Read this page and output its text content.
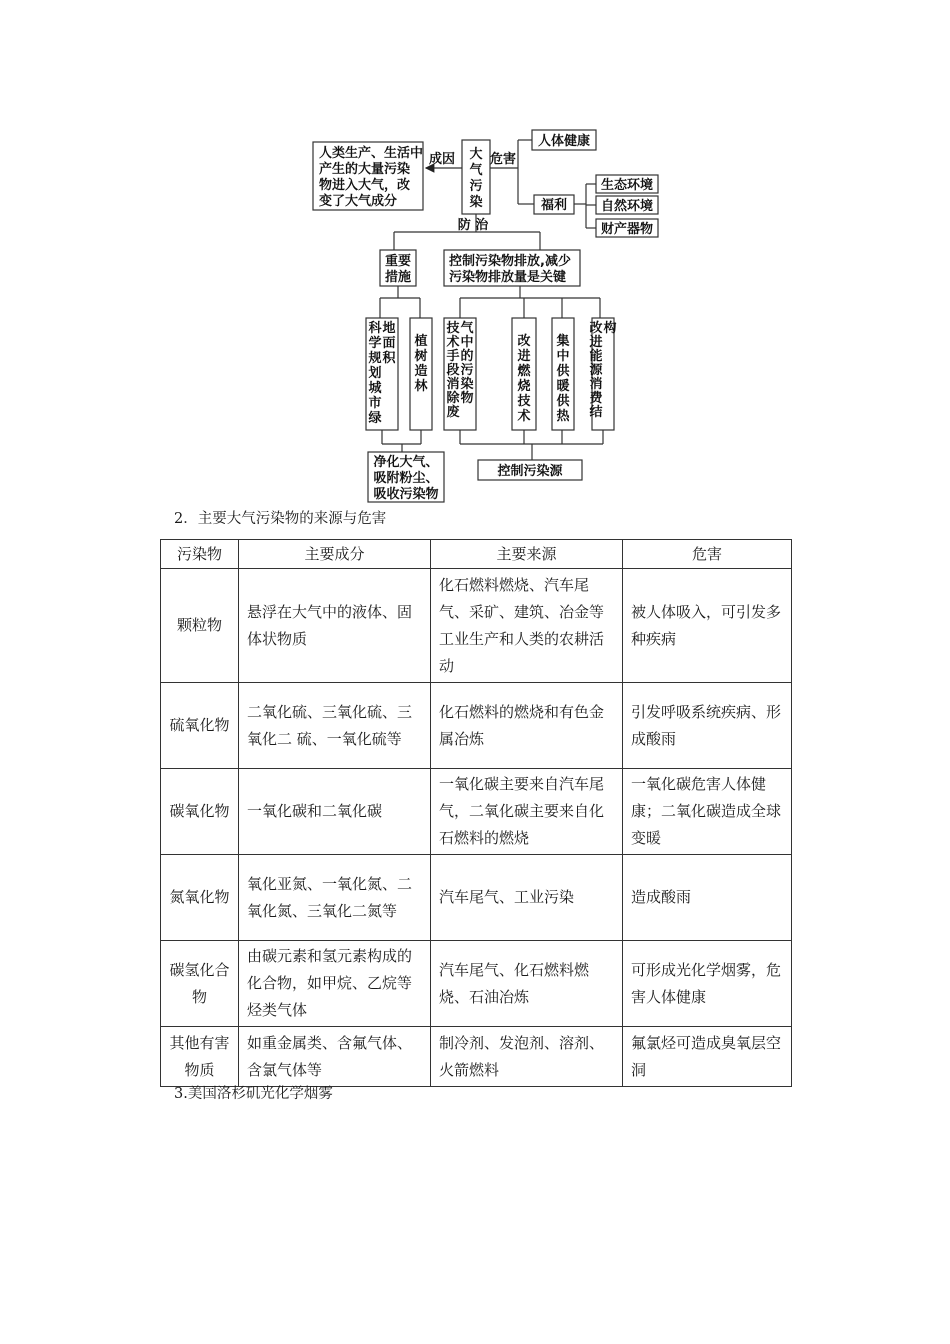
大
气
污
染
成因	危害
人类生产、生活中
产生的大量污染
物进入大气，改
变了大气成分
人体健康
福利
生态环境
自然环境
财产器物
防 治
重要
措施
控制污染物排放,减少
污染物排放量是关键
科
学
规
划
城
市
绿
地
面
积
植
树
造
林
技
术
手
段
消
除
废
气
中
的
污
染
物
改
进
燃
烧
技
术
集
中
供
暖
供
热
改
进
能
源
消
费
结
构
净化大气、
吸附粉尘、
吸收污染物
控制污染源
2．主要大气污染物的来源与危害
污染物	主要成分	主要来源	危害
颗粒物	悬浮在大气中的液体、固体状物质	化石燃料燃烧、汽车尾气、采矿、建筑、冶金等工业生产和人类的农耕活动	被人体吸入，可引发多种疾病
硫氧化物	二氧化硫、三氧化硫、三氧化二 硫、一氧化硫等	化石燃料的燃烧和有色金属冶炼	引发呼吸系统疾病、形成酸雨
碳氧化物	一氧化碳和二氧化碳	一氧化碳主要来自汽车尾气，二氧化碳主要来自化石燃料的燃烧	一氧化碳危害人体健康；二氧化碳造成全球变暖
氮氧化物	氧化亚氮、一氧化氮、二氧化氮、三氧化二氮等	汽车尾气、工业污染	造成酸雨
碳氢化合物	由碳元素和氢元素构成的化合物，如甲烷、乙烷等烃类气体	汽车尾气、化石燃料燃烧、石油冶炼	可形成光化学烟雾，危害人体健康
其他有害物质	如重金属类、含氟气体、含氯气体等	制冷剂、发泡剂、溶剂、火箭燃料	氟氯烃可造成臭氧层空洞
3.美国洛杉矶光化学烟雾
